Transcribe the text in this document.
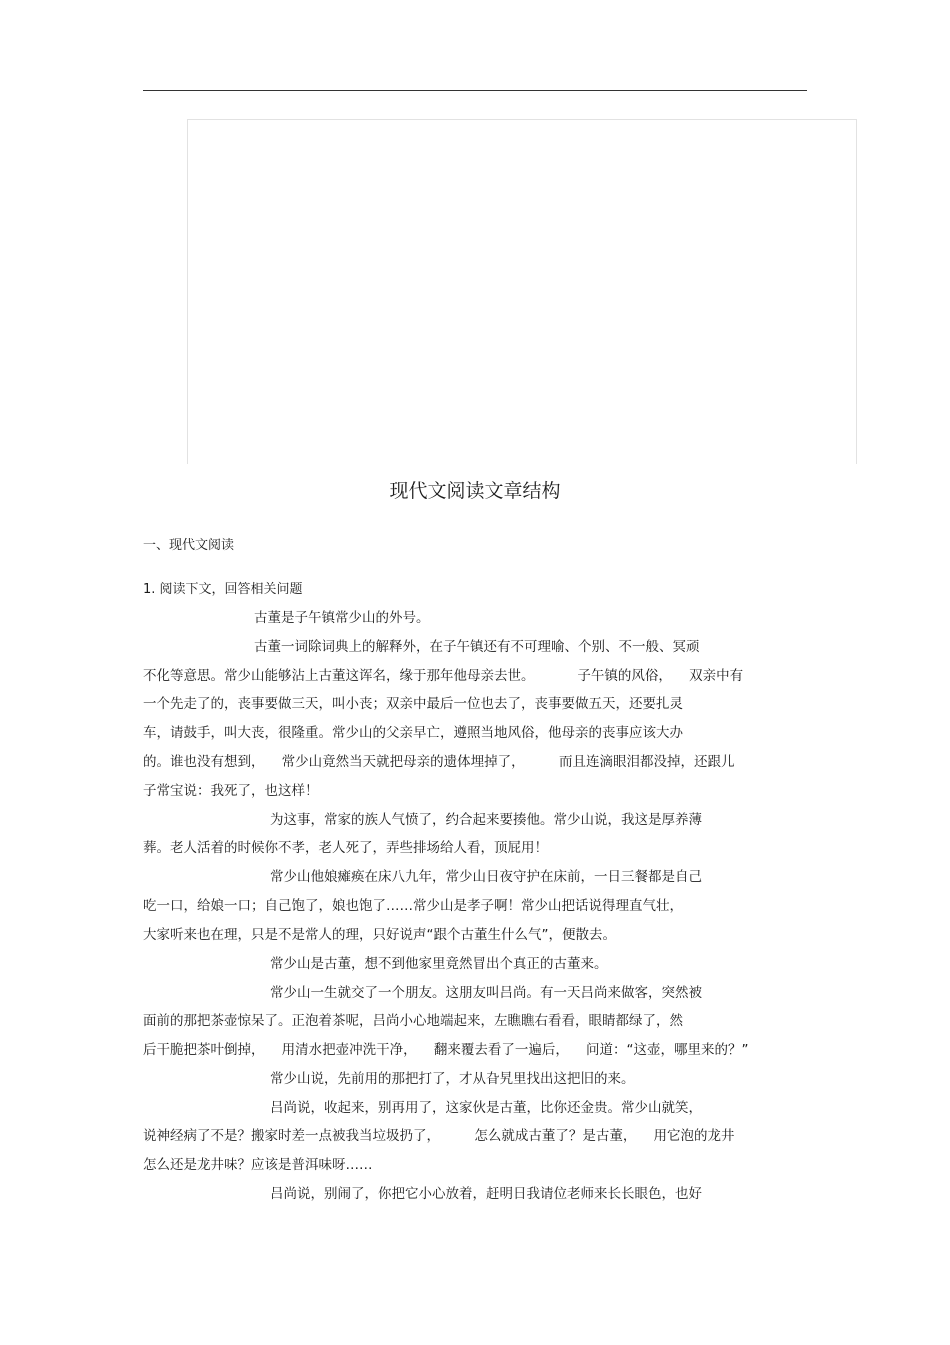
现代文阅读文章结构
一、现代文阅读
1. 阅读下文，回答相关问题
古董是子午镇常少山的外号。
古董一词除词典上的解释外，在子午镇还有不可理喻、个别、不一般、冥顽
不化等意思。常少山能够沾上古董这诨名，缘于那年他母亲去世。          子午镇的风俗，    双亲中有
一个先走了的，丧事要做三天，叫小丧；双亲中最后一位也去了，丧事要做五天，还要扎灵
车，请鼓手，叫大丧，很隆重。常少山的父亲早亡，遵照当地风俗，他母亲的丧事应该大办
的。谁也没有想到，    常少山竟然当天就把母亲的遗体埋掉了，        而且连滴眼泪都没掉，还跟儿
子常宝说：我死了，也这样！
为这事，常家的族人气愤了，约合起来要揍他。常少山说，我这是厚养薄
葬。老人活着的时候你不孝，老人死了，弄些排场给人看，顶屁用！
常少山他娘瘫痪在床八九年，常少山日夜守护在床前，一日三餐都是自己
吃一口，给娘一口；自己饱了，娘也饱了……常少山是孝子啊！常少山把话说得理直气壮，
大家听来也在理，只是不是常人的理，只好说声“跟个古董生什么气”，便散去。
常少山是古董，想不到他家里竟然冒出个真正的古董来。
常少山一生就交了一个朋友。这朋友叫吕尚。有一天吕尚来做客，突然被
面前的那把茶壶惊呆了。正泡着茶呢，吕尚小心地端起来，左瞧瞧右看看，眼睛都绿了，然
后干脆把茶叶倒掉，    用清水把壶冲洗干净，    翻来覆去看了一遍后，    问道：“这壶，哪里来的？”
常少山说，先前用的那把打了，才从旮旯里找出这把旧的来。
吕尚说，收起来，别再用了，这家伙是古董，比你还金贵。常少山就笑，
说神经病了不是？搬家时差一点被我当垃圾扔了，        怎么就成古董了？是古董，    用它泡的龙井
怎么还是龙井味？应该是普洱味呀……
吕尚说，别闹了，你把它小心放着，赶明日我请位老师来长长眼色，也好
